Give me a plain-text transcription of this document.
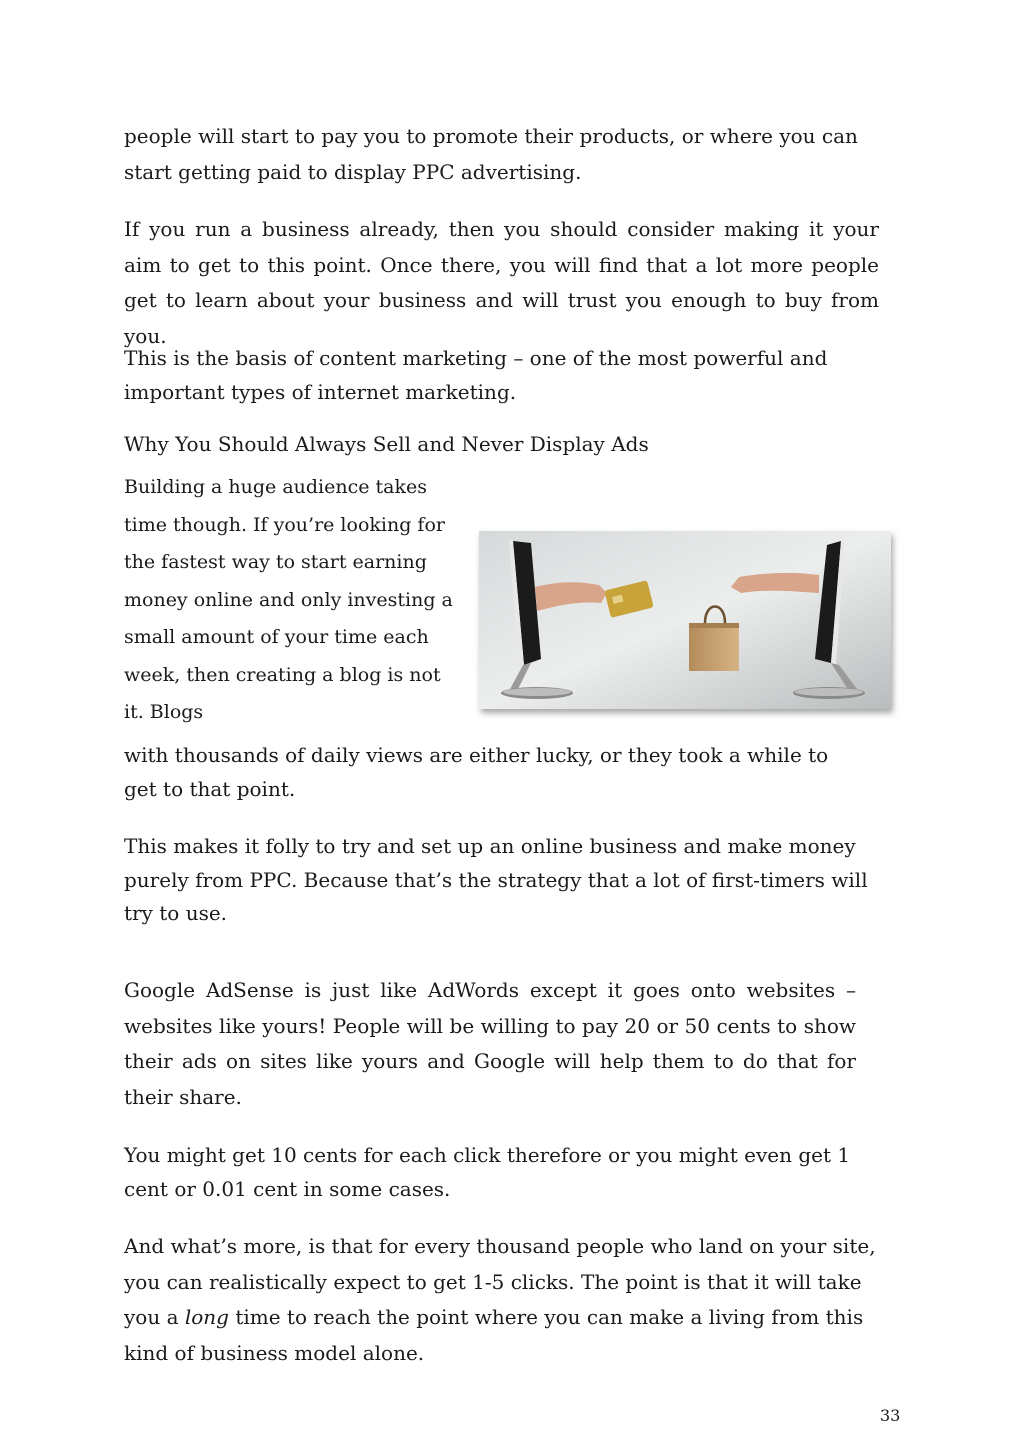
people will start to pay you to promote their products, or where you can start getting paid to display PPC advertising.

If you run a business already, then you should consider making it your aim to get to this point. Once there, you will find that a lot more people get to learn about your business and will trust you enough to buy from you.

This is the basis of content marketing – one of the most powerful and important types of internet marketing.

Why You Should Always Sell and Never Display Ads

Building a huge audience takes time though. If you’re looking for the fastest way to start earning money online and only investing a small amount of your time each week, then creating a blog is not it. Blogs

with thousands of daily views are either lucky, or they took a while to get to that point.

This makes it folly to try and set up an online business and make money purely from PPC. Because that’s the strategy that a lot of first-timers will try to use.

Google AdSense is just like AdWords except it goes onto websites – websites like yours! People will be willing to pay 20 or 50 cents to show their ads on sites like yours and Google will help them to do that for their share.

You might get 10 cents for each click therefore or you might even get 1 cent or 0.01 cent in some cases.

And what’s more, is that for every thousand people who land on your site, you can realistically expect to get 1-5 clicks. The point is that it will take you a long time to reach the point where you can make a living from this kind of business model alone.

33
